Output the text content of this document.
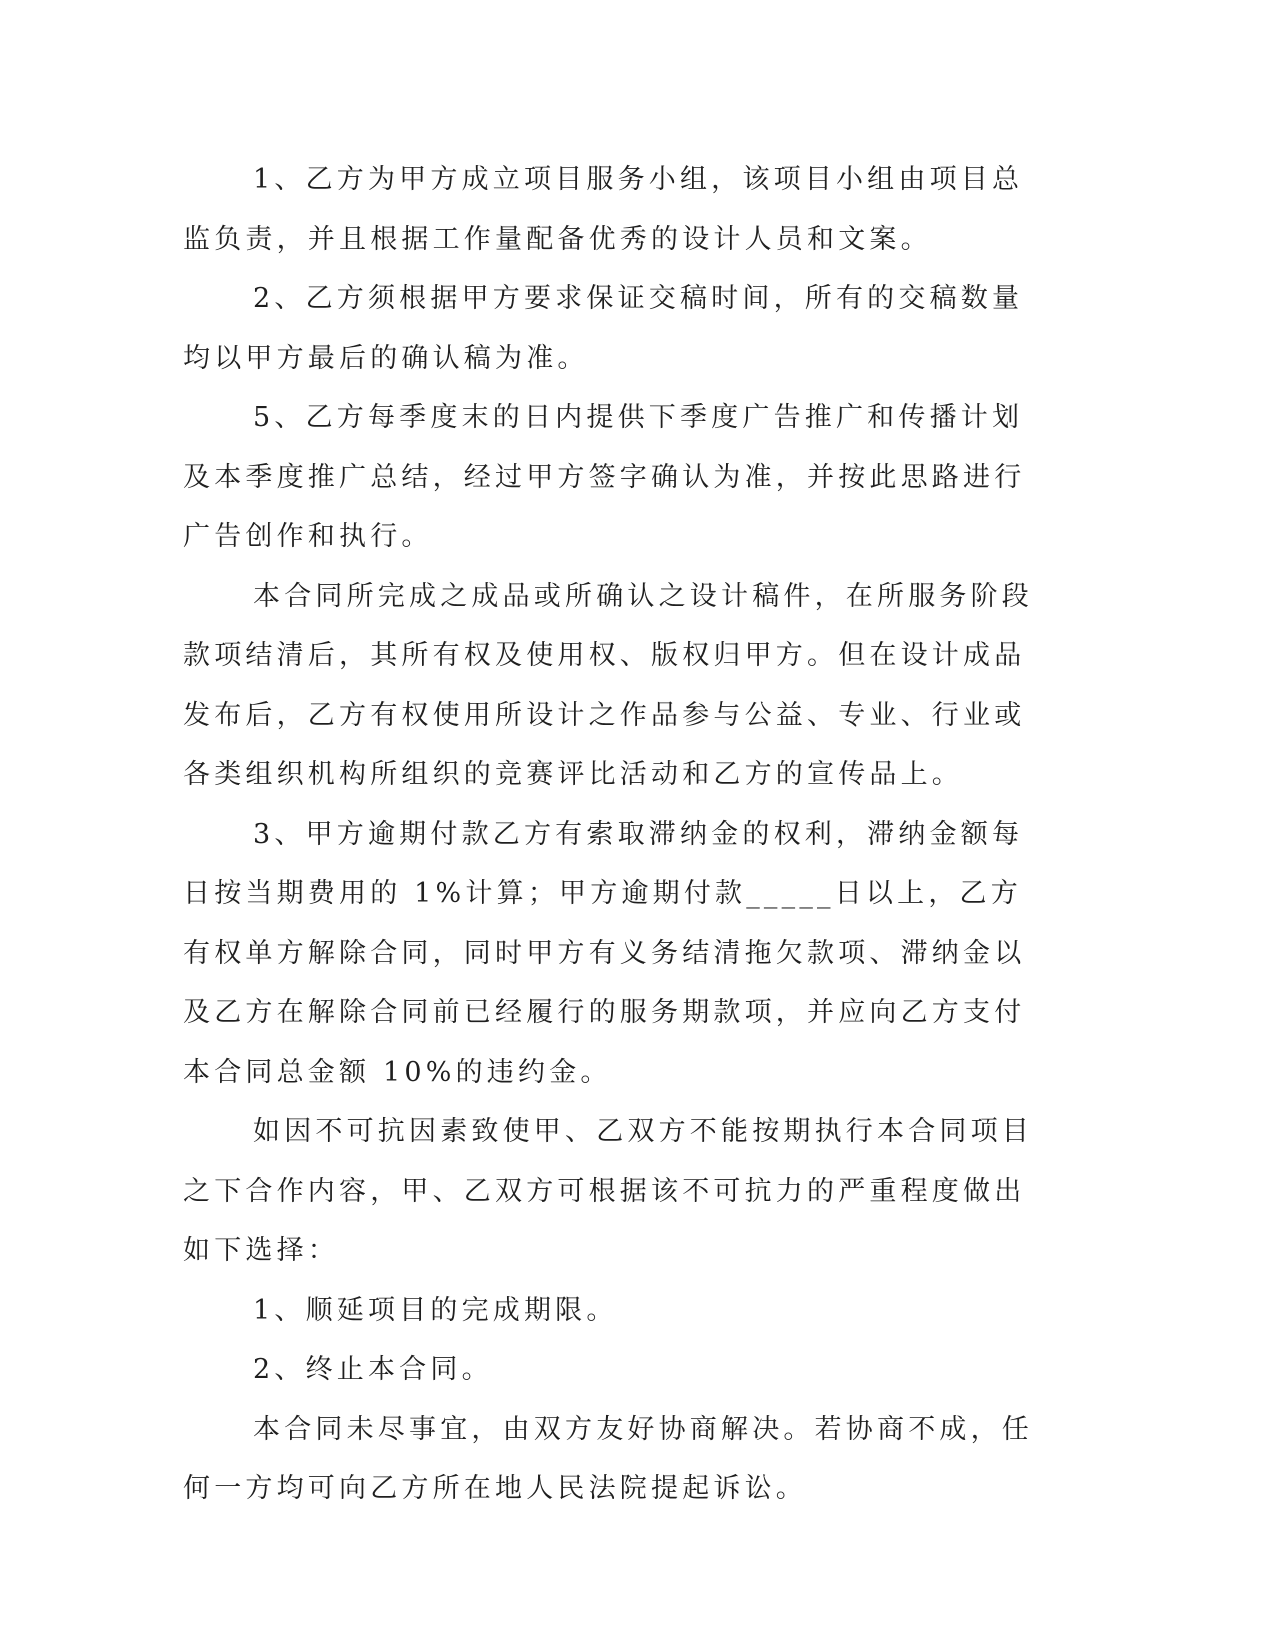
1、乙方为甲方成立项目服务小组，该项目小组由项目总监负责，并且根据工作量配备优秀的设计人员和文案。

2、乙方须根据甲方要求保证交稿时间，所有的交稿数量均以甲方最后的确认稿为准。

5、乙方每季度末的日内提供下季度广告推广和传播计划及本季度推广总结，经过甲方签字确认为准，并按此思路进行广告创作和执行。

本合同所完成之成品或所确认之设计稿件，在所服务阶段款项结清后，其所有权及使用权、版权归甲方。但在设计成品发布后，乙方有权使用所设计之作品参与公益、专业、行业或各类组织机构所组织的竞赛评比活动和乙方的宣传品上。

3、甲方逾期付款乙方有索取滞纳金的权利，滞纳金额每日按当期费用的 1%计算；甲方逾期付款_____日以上，乙方有权单方解除合同，同时甲方有义务结清拖欠款项、滞纳金以及乙方在解除合同前已经履行的服务期款项，并应向乙方支付本合同总金额 10%的违约金。

如因不可抗因素致使甲、乙双方不能按期执行本合同项目之下合作内容，甲、乙双方可根据该不可抗力的严重程度做出如下选择：

1、顺延项目的完成期限。

2、终止本合同。

本合同未尽事宜，由双方友好协商解决。若协商不成，任何一方均可向乙方所在地人民法院提起诉讼。
